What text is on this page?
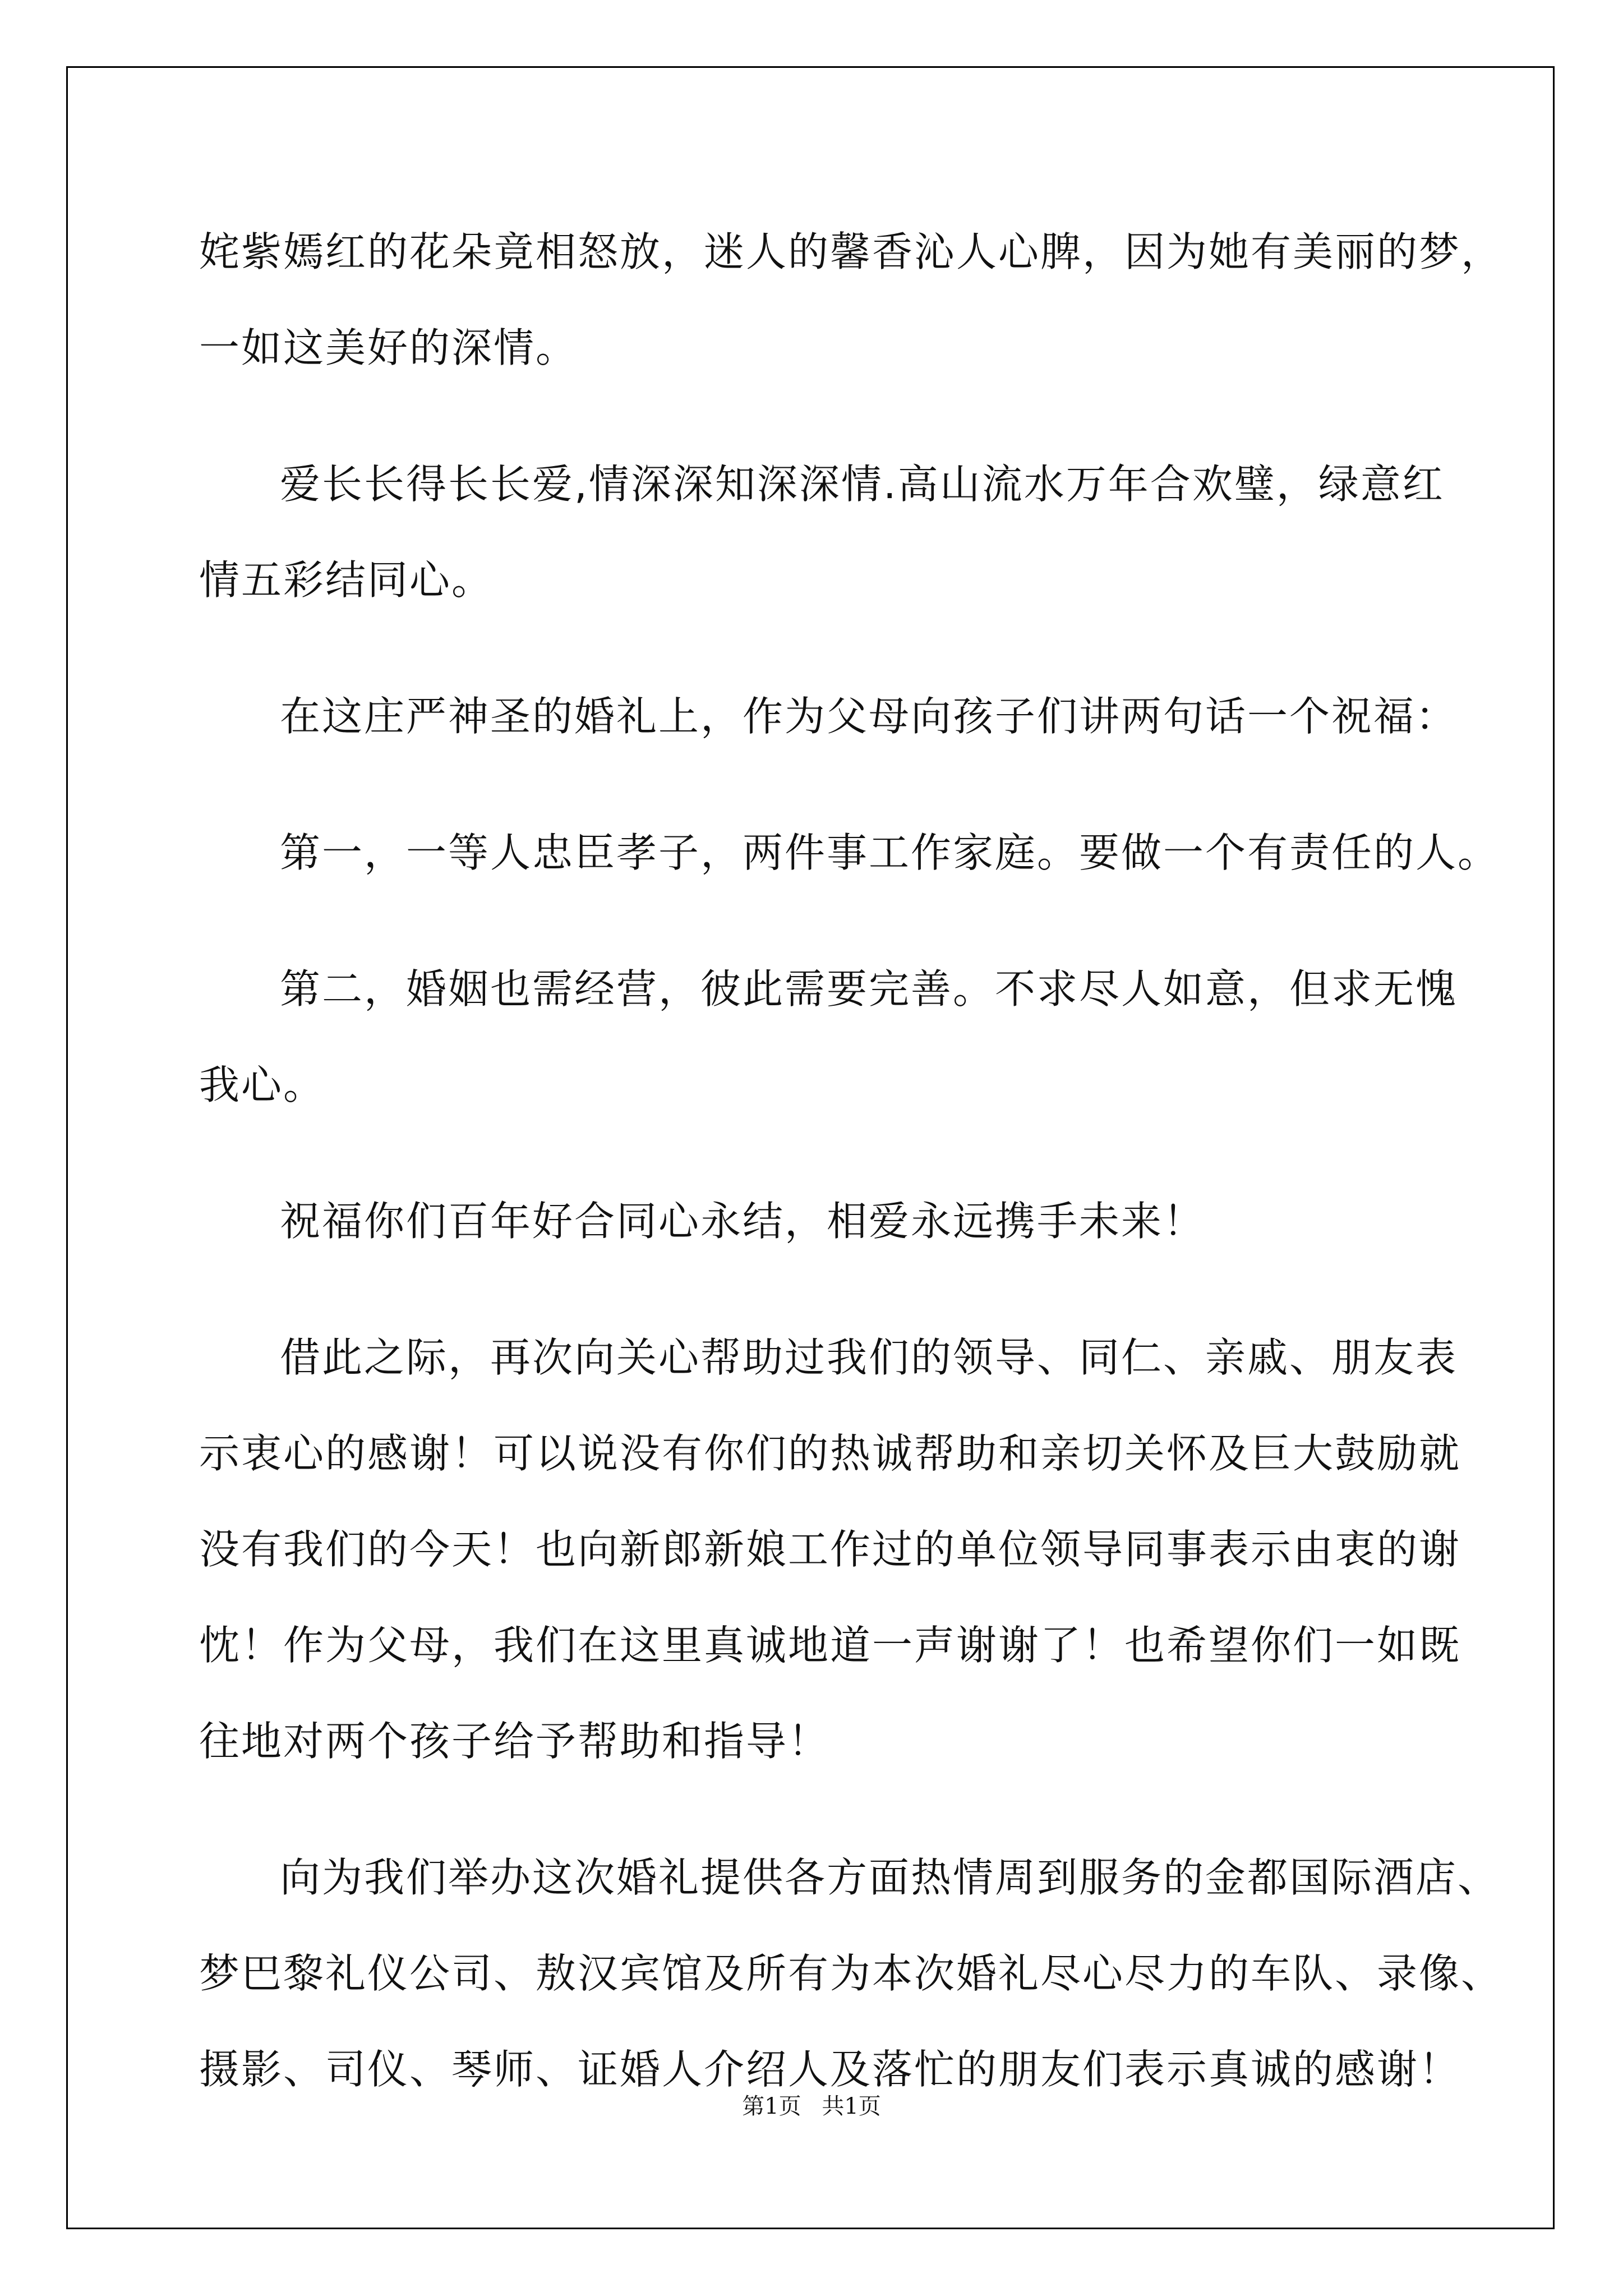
姹紫嫣红的花朵竟相怒放，迷人的馨香沁人心脾，因为她有美丽的梦，
一如这美好的深情。

爱长长得长长爱,情深深知深深情.高山流水万年合欢璧，绿意红
情五彩结同心。

在这庄严神圣的婚礼上，作为父母向孩子们讲两句话一个祝福：

第一，一等人忠臣孝子，两件事工作家庭。要做一个有责任的人。

第二，婚姻也需经营，彼此需要完善。不求尽人如意，但求无愧
我心。

祝福你们百年好合同心永结，相爱永远携手未来！

借此之际，再次向关心帮助过我们的领导、同仁、亲戚、朋友表
示衷心的感谢！可以说没有你们的热诚帮助和亲切关怀及巨大鼓励就
没有我们的今天！也向新郎新娘工作过的单位领导同事表示由衷的谢
忱！作为父母，我们在这里真诚地道一声谢谢了！也希望你们一如既
往地对两个孩子给予帮助和指导！

向为我们举办这次婚礼提供各方面热情周到服务的金都国际酒店、
梦巴黎礼仪公司、敖汉宾馆及所有为本次婚礼尽心尽力的车队、录像、
摄影、司仪、琴师、证婚人介绍人及落忙的朋友们表示真诚的感谢！

第1页 共1页
